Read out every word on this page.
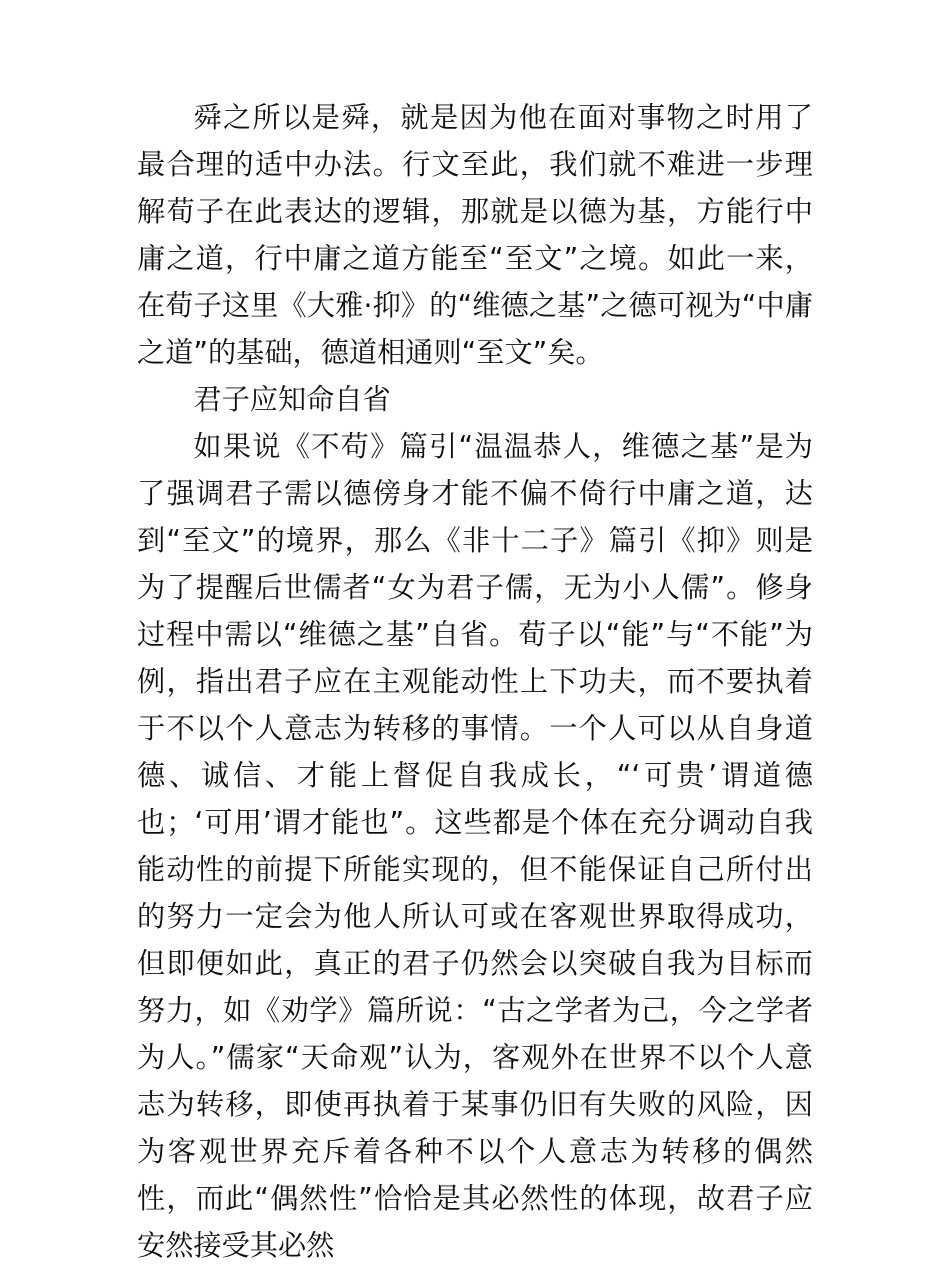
舜之所以是舜，就是因为他在面对事物之时用了最合理的适中办法。行文至此，我们就不难进一步理解荀子在此表达的逻辑，那就是以德为基，方能行中庸之道，行中庸之道方能至“至文”之境。如此一来，在荀子这里《大雅·抑》的“维德之基”之德可视为“中庸之道”的基础，德道相通则“至文”矣。

君子应知命自省

如果说《不苟》篇引“温温恭人，维德之基”是为了强调君子需以德傍身才能不偏不倚行中庸之道，达到“至文”的境界，那么《非十二子》篇引《抑》则是为了提醒后世儒者“女为君子儒，无为小人儒”。修身过程中需以“维德之基”自省。荀子以“能”与“不能”为例，指出君子应在主观能动性上下功夫，而不要执着于不以个人意志为转移的事情。一个人可以从自身道德、诚信、才能上督促自我成长，“‘可贵’谓道德也；‘可用’谓才能也”。这些都是个体在充分调动自我能动性的前提下所能实现的，但不能保证自己所付出的努力一定会为他人所认可或在客观世界取得成功，但即便如此，真正的君子仍然会以突破自我为目标而努力，如《劝学》篇所说：“古之学者为己，今之学者为人。”儒家“天命观”认为，客观外在世界不以个人意志为转移，即使再执着于某事仍旧有失败的风险，因为客观世界充斥着各种不以个人意志为转移的偶然性，而此“偶然性”恰恰是其必然性的体现，故君子应安然接受其必然
